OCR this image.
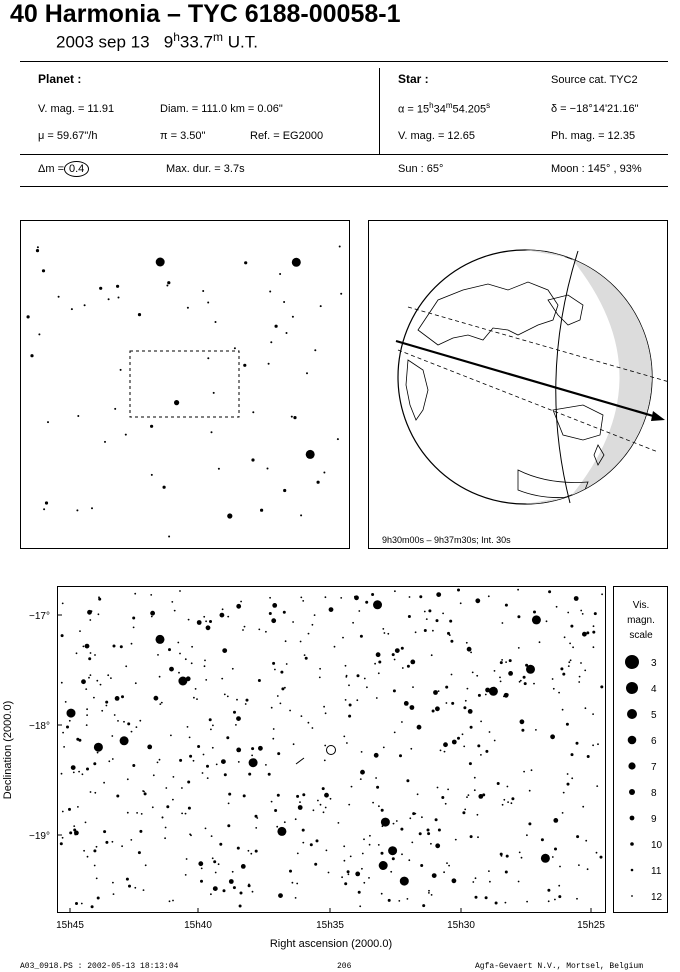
40 Harmonia – TYC 6188-00058-1
2003 sep 13 9$^h$33.7$^m$ U.T.
Planet :
V. mag. = 11.91	Diam. = 111.0 km = 0.06"
μ = 59.67"/h	π = 3.50"	Ref. = EG2000
Star :	Source cat. TYC2
$\alpha = 15^h34^m54.205^s$	δ = −18°14'21.16"
V. mag. = 12.65	Ph. mag. = 12.35
Δm = 0.4	Max. dur. = 3.7s	Sun : 65°	Moon : 145° , 93%
9h30m00s – 9h37m30s; Int. 30s
−17°
−18°
−19°
15h45	15h40	15h35	15h30	15h25
Right ascension (2000.0)
Declination (2000.0)
Vis.
magn.
scale
3
4
5
6
7
8
9
10
11
12
A03_0918.PS : 2002-05-13 18:13:04	206	Agfa-Gevaert N.V., Mortsel, Belgium
